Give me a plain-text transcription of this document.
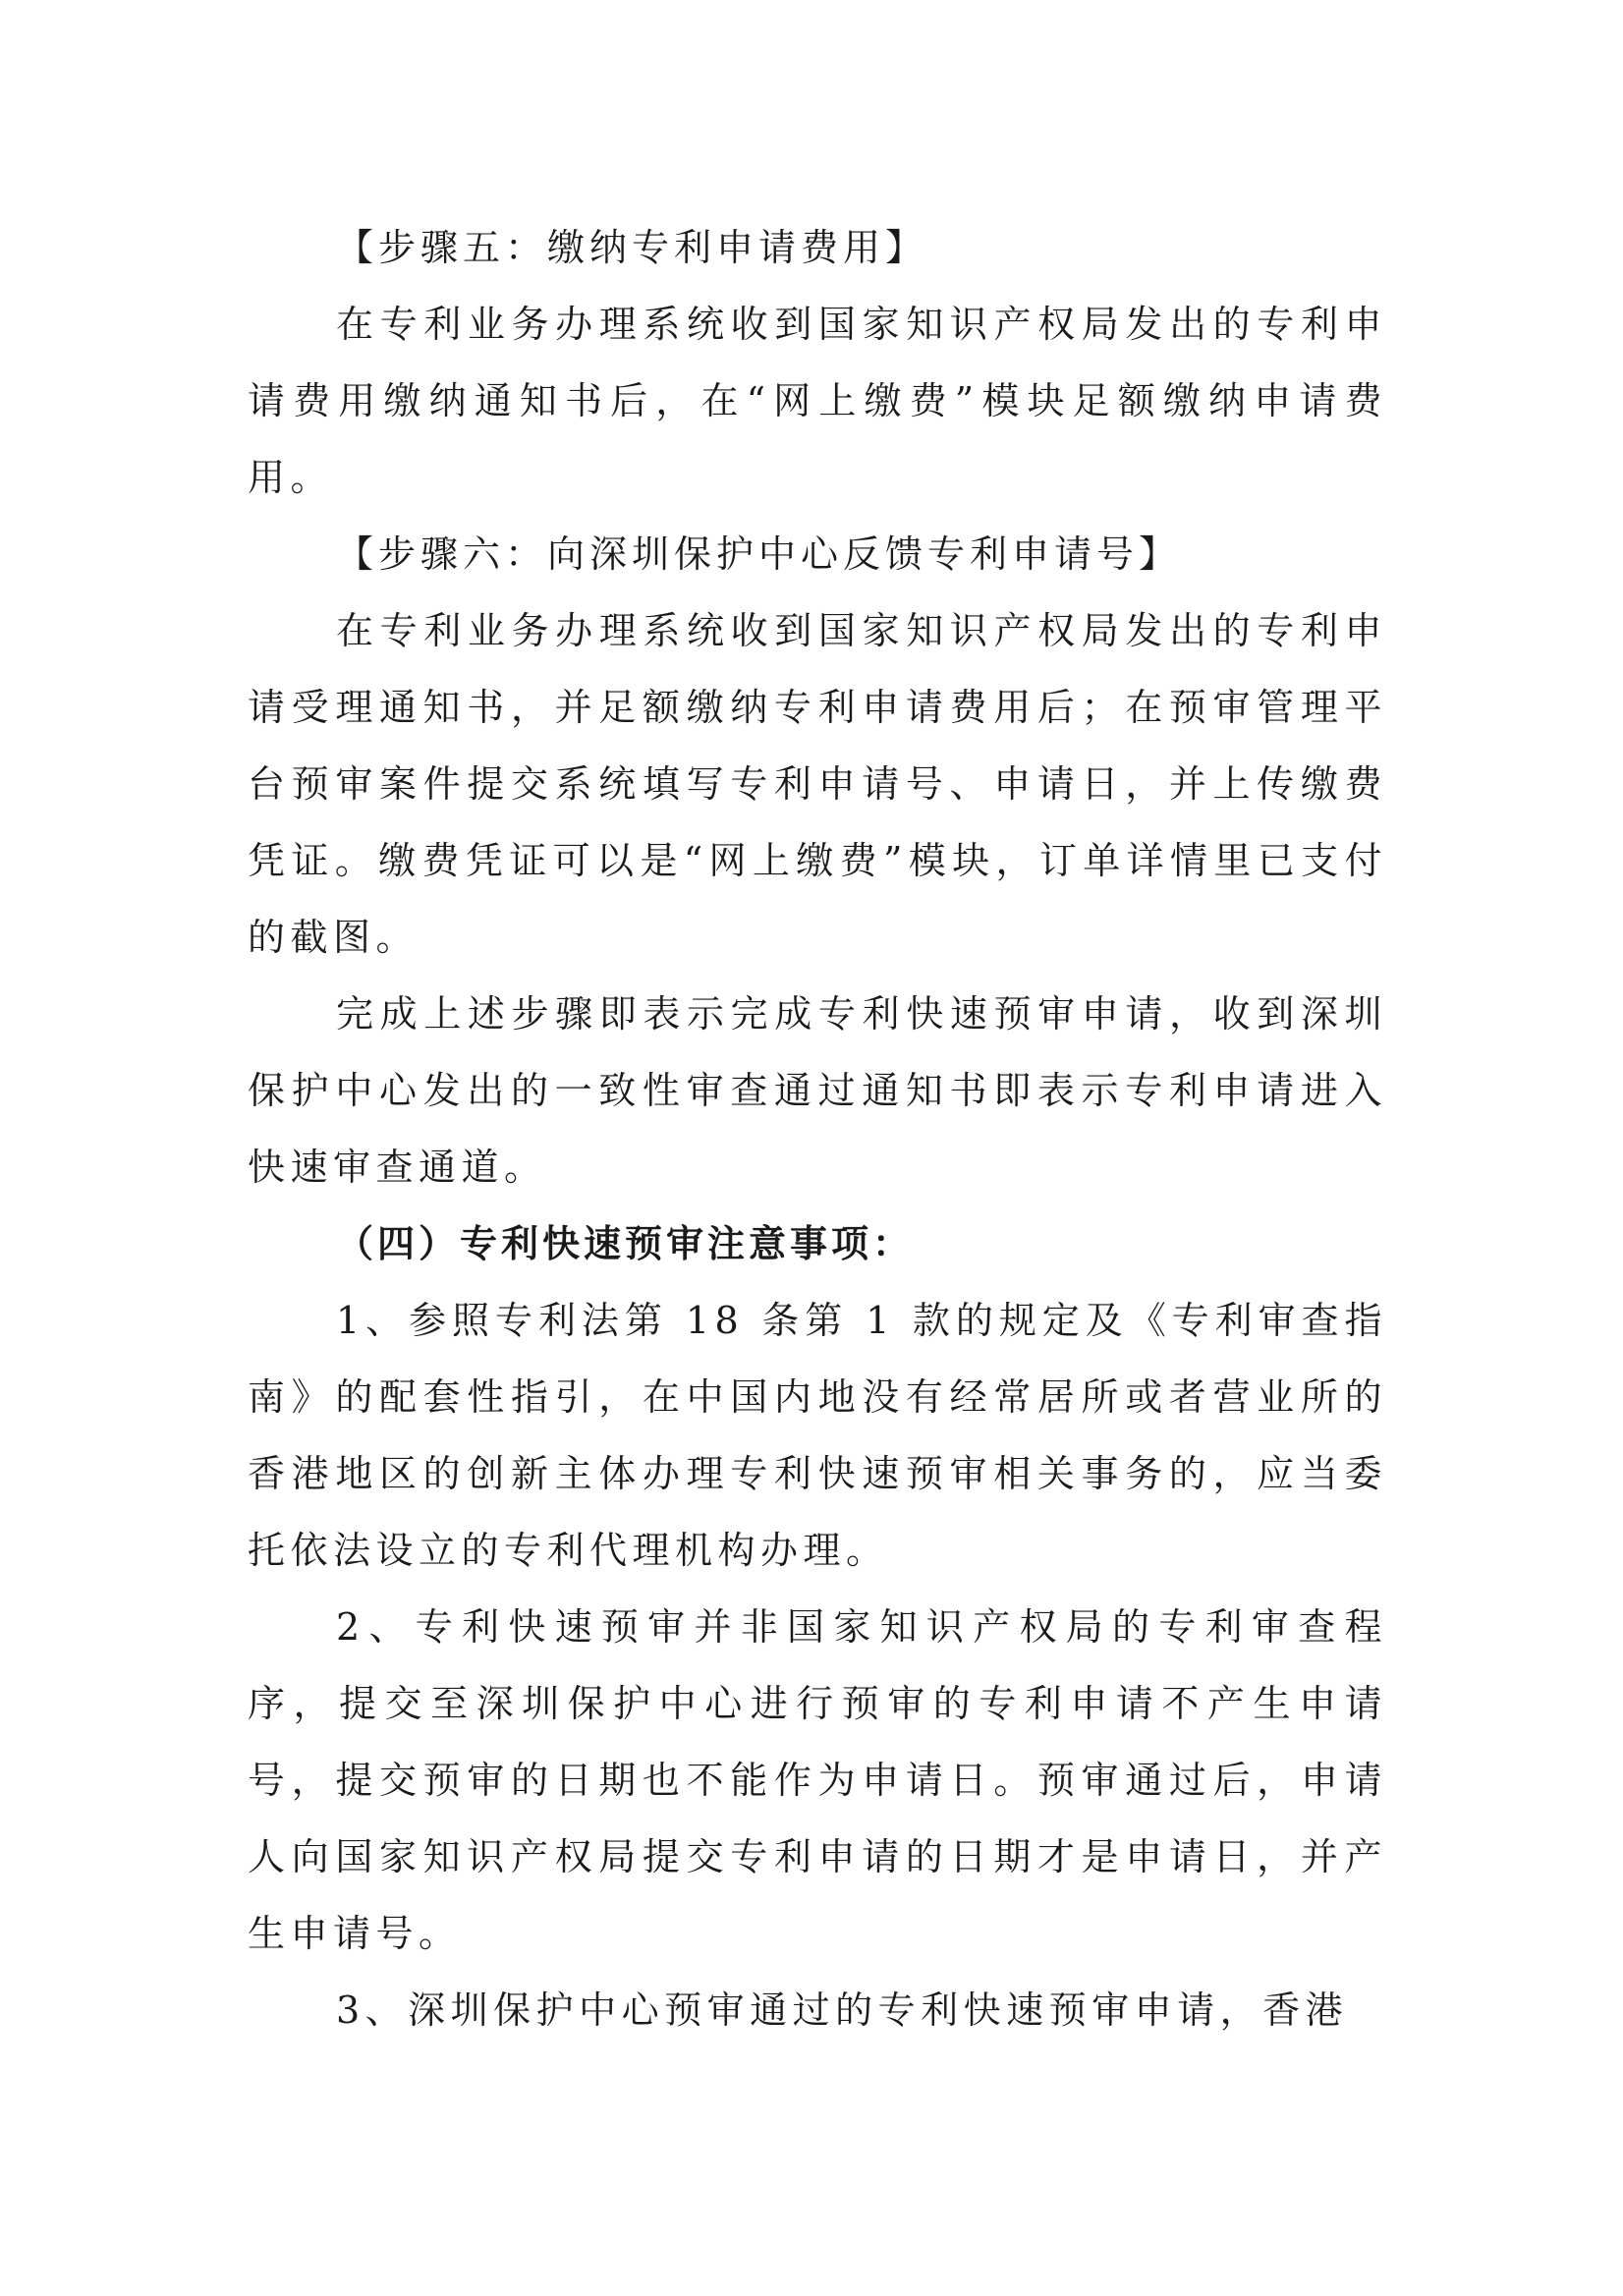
【步骤五：缴纳专利申请费用】

在专利业务办理系统收到国家知识产权局发出的专利申请费用缴纳通知书后，在“网上缴费”模块足额缴纳申请费用。

【步骤六：向深圳保护中心反馈专利申请号】

在专利业务办理系统收到国家知识产权局发出的专利申请受理通知书，并足额缴纳专利申请费用后；在预审管理平台预审案件提交系统填写专利申请号、申请日，并上传缴费凭证。缴费凭证可以是“网上缴费”模块，订单详情里已支付的截图。

完成上述步骤即表示完成专利快速预审申请，收到深圳保护中心发出的一致性审查通过通知书即表示专利申请进入快速审查通道。

（四）专利快速预审注意事项：

1、参照专利法第 18 条第 1 款的规定及《专利审查指南》的配套性指引，在中国内地没有经常居所或者营业所的香港地区的创新主体办理专利快速预审相关事务的，应当委托依法设立的专利代理机构办理。

2、专利快速预审并非国家知识产权局的专利审查程序，提交至深圳保护中心进行预审的专利申请不产生申请号，提交预审的日期也不能作为申请日。预审通过后，申请人向国家知识产权局提交专利申请的日期才是申请日，并产生申请号。

3、深圳保护中心预审通过的专利快速预审申请，香港
